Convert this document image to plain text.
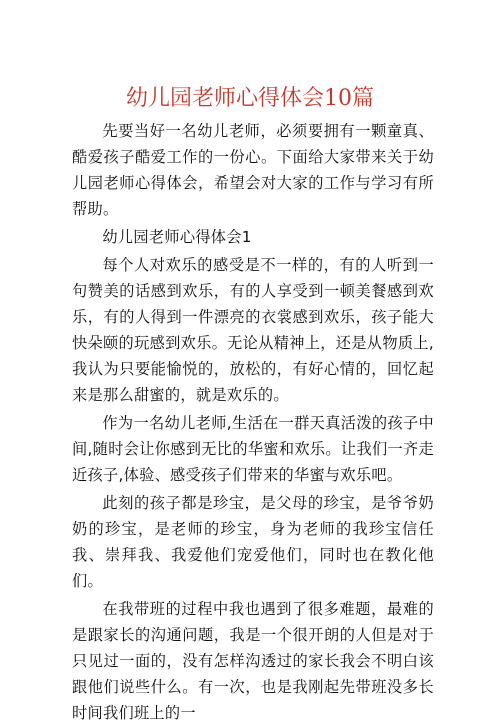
幼儿园老师心得体会10篇

先要当好一名幼儿老师，必须要拥有一颗童真、酷爱孩子酷爱工作的一份心。下面给大家带来关于幼儿园老师心得体会，希望会对大家的工作与学习有所帮助。

幼儿园老师心得体会1

每个人对欢乐的感受是不一样的，有的人听到一句赞美的话感到欢乐，有的人享受到一顿美餐感到欢乐，有的人得到一件漂亮的衣裳感到欢乐，孩子能大快朵颐的玩感到欢乐。无论从精神上，还是从物质上,我认为只要能愉悦的，放松的，有好心情的，回忆起来是那么甜蜜的，就是欢乐的。

作为一名幼儿老师,生活在一群天真活泼的孩子中间,随时会让你感到无比的华蜜和欢乐。让我们一齐走近孩子,体验、感受孩子们带来的华蜜与欢乐吧。

此刻的孩子都是珍宝，是父母的珍宝，是爷爷奶奶的珍宝，是老师的珍宝，身为老师的我珍宝信任我、崇拜我、我爱他们宠爱他们，同时也在教化他们。

在我带班的过程中我也遇到了很多难题，最难的是跟家长的沟通问题，我是一个很开朗的人但是对于只见过一面的，没有怎样沟透过的家长我会不明白该跟他们说些什么。有一次，也是我刚起先带班没多长时间我们班上的一
